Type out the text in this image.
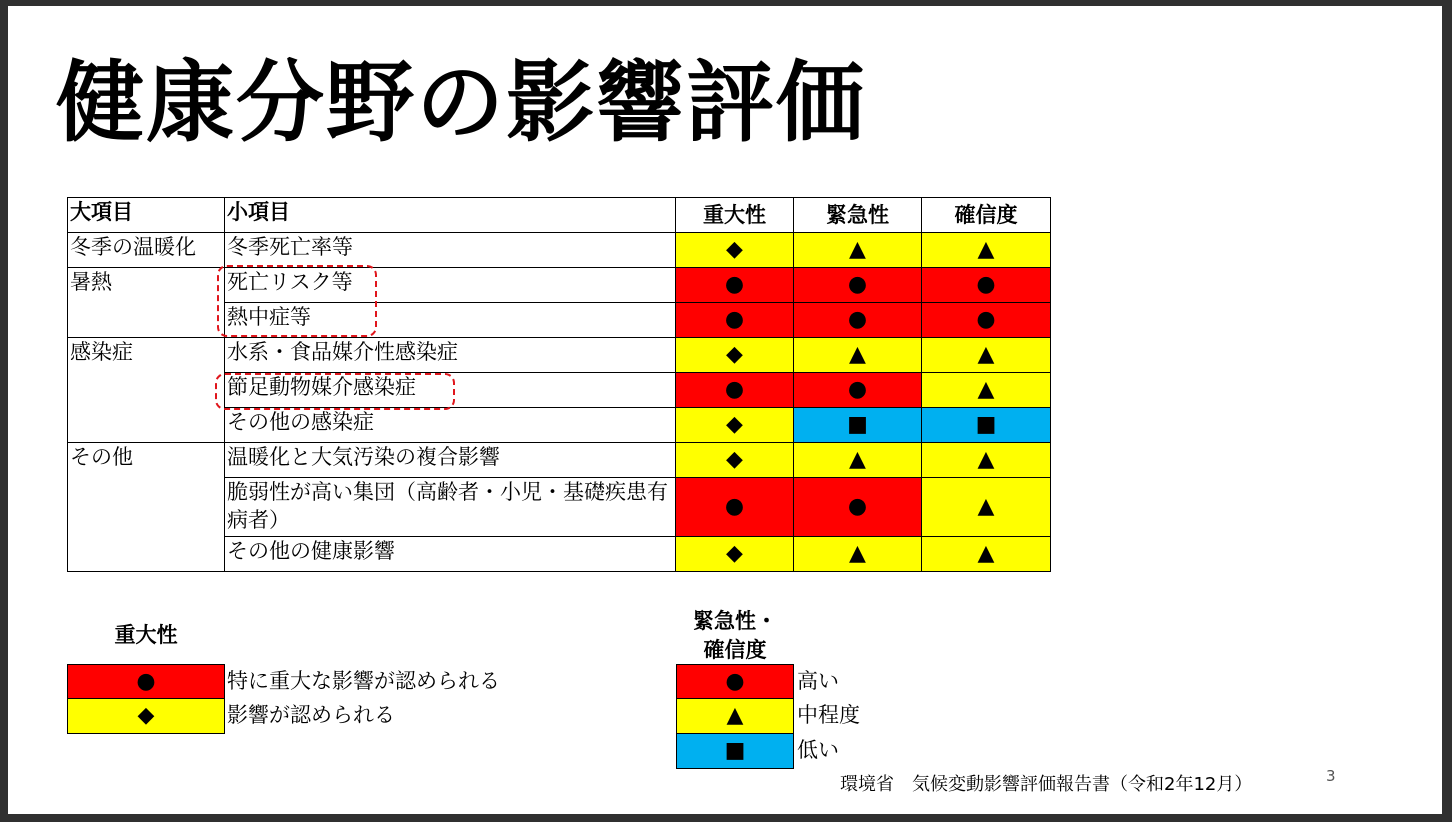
健康分野の影響評価
大項目	小項目	重大性	緊急性	確信度
冬季の温暖化	冬季死亡率等	◆	▲	▲
暑熱	死亡リスク等	●	●	●
	熱中症等	●	●	●
感染症	水系・食品媒介性感染症	◆	▲	▲
	節足動物媒介感染症	●	●	▲
	その他の感染症	◆	■	■
その他	温暖化と大気汚染の複合影響	◆	▲	▲
	脆弱性が高い集団（高齢者・小児・基礎疾患有病者）	●	●	▲
	その他の健康影響	◆	▲	▲
重大性
●	特に重大な影響が認められる
◆	影響が認められる
緊急性・
確信度
●	高い
▲	中程度
■	低い
環境省　気候変動影響評価報告書（令和2年12月）	3
